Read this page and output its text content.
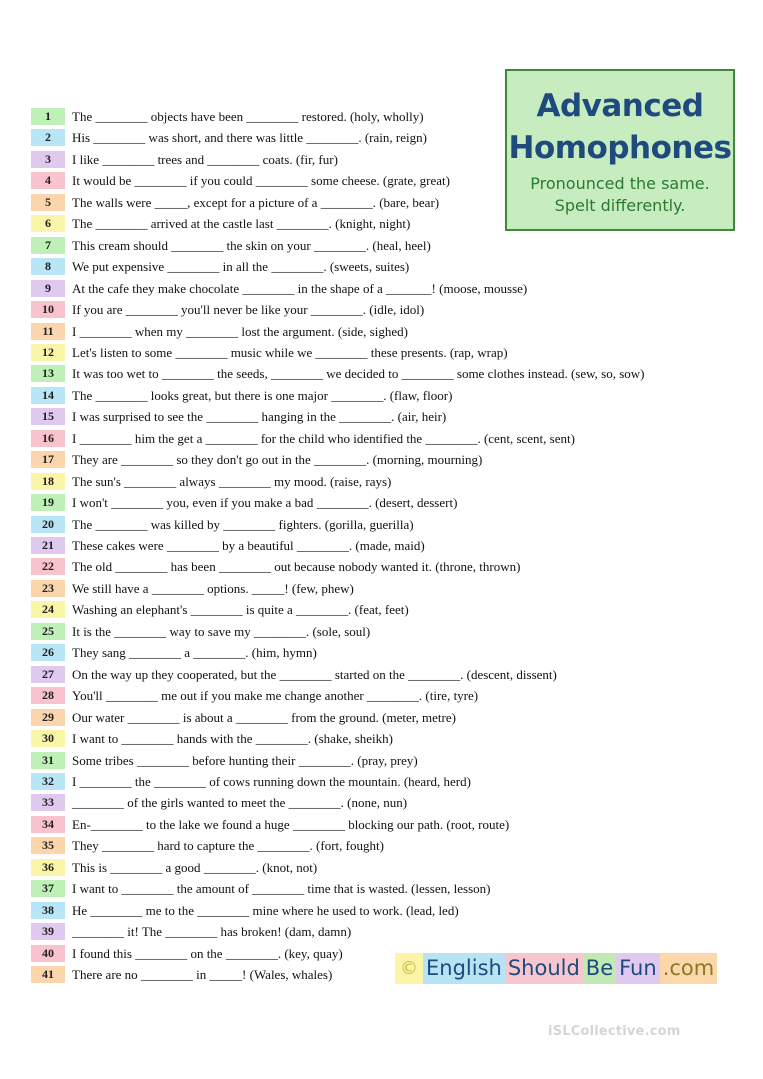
Advanced
Homophones
Pronounced the same.
Spelt differently.
1	The ________ objects have been ________ restored. (holy, wholly)
2	His ________ was short, and there was little ________. (rain, reign)
3	I like ________ trees and ________ coats. (fir, fur)
4	It would be ________ if you could ________ some cheese. (grate, great)
5	The walls were _____, except for a picture of a ________. (bare, bear)
6	The ________ arrived at the castle last ________. (knight, night)
7	This cream should ________ the skin on your ________. (heal, heel)
8	We put expensive ________ in all the ________. (sweets, suites)
9	At the cafe they make chocolate ________ in the shape of a _______! (moose, mousse)
10	If you are ________ you'll never be like your ________. (idle, idol)
11	I ________ when my ________ lost the argument. (side, sighed)
12	Let's listen to some ________ music while we ________ these presents. (rap, wrap)
13	It was too wet to ________ the seeds, ________ we decided to ________ some clothes instead. (sew, so, sow)
14	The ________ looks great, but there is one major ________. (flaw, floor)
15	I was surprised to see the ________ hanging in the ________. (air, heir)
16	I ________ him the get a ________ for the child who identified the ________. (cent, scent, sent)
17	They are ________ so they don't go out in the ________. (morning, mourning)
18	The sun's ________ always ________ my mood. (raise, rays)
19	I won't ________ you, even if you make a bad ________. (desert, dessert)
20	The ________ was killed by ________ fighters. (gorilla, guerilla)
21	These cakes were ________ by a beautiful ________. (made, maid)
22	The old ________ has been ________ out because nobody wanted it. (throne, thrown)
23	We still have a ________ options. _____! (few, phew)
24	Washing an elephant's ________ is quite a ________. (feat, feet)
25	It is the ________ way to save my ________. (sole, soul)
26	They sang ________ a ________. (him, hymn)
27	On the way up they cooperated, but the ________ started on the ________. (descent, dissent)
28	You'll ________ me out if you make me change another ________. (tire, tyre)
29	Our water ________ is about a ________ from the ground. (meter, metre)
30	I want to ________ hands with the ________. (shake, sheikh)
31	Some tribes ________ before hunting their ________. (pray, prey)
32	I ________ the ________ of cows running down the mountain. (heard, herd)
33	________ of the girls wanted to meet the ________. (none, nun)
34	En-________ to the lake we found a huge ________ blocking our path. (root, route)
35	They ________ hard to capture the ________. (fort, fought)
36	This is ________ a good ________. (knot, not)
37	I want to ________ the amount of ________ time that is wasted. (lessen, lesson)
38	He ________ me to the ________ mine where he used to work. (lead, led)
39	________ it! The ________ has broken! (dam, damn)
40	I found this ________ on the ________. (key, quay)
41	There are no ________ in _____! (Wales, whales)	© English Should Be Fun .com
iSLCollective.com
